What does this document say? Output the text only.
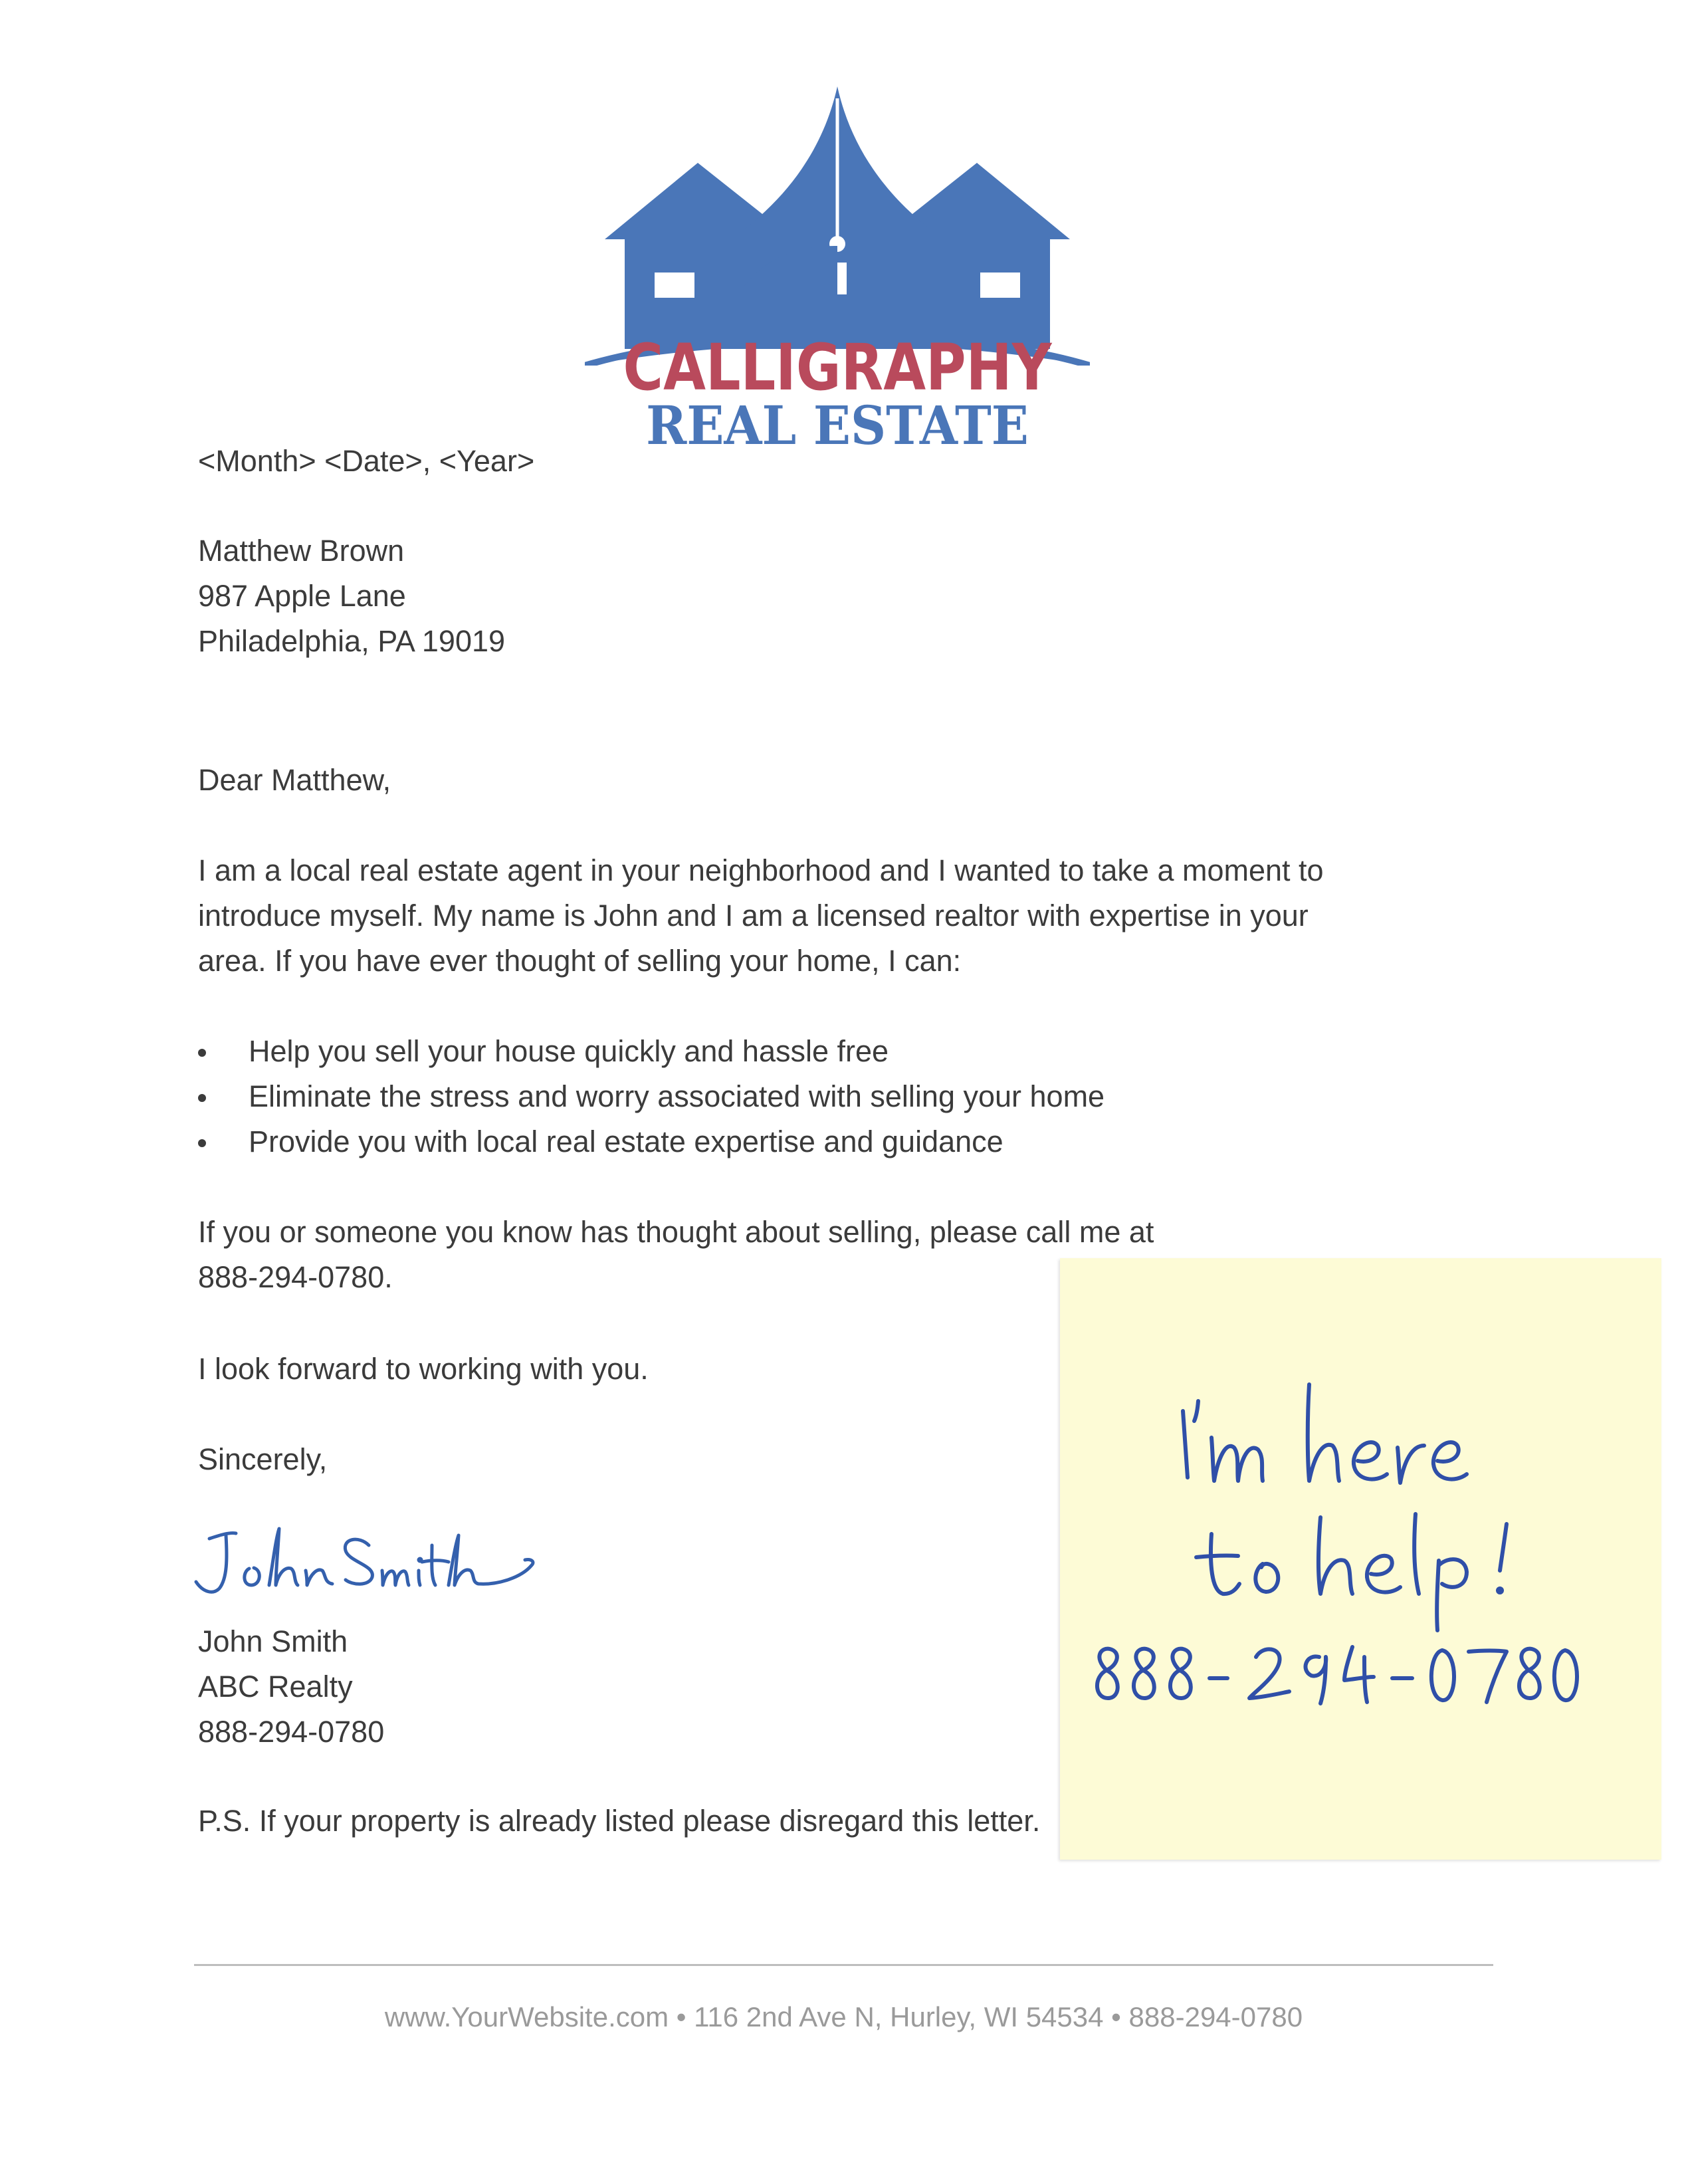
CALLIGRAPHY
REAL ESTATE
<Month> <Date>, <Year>
Matthew Brown
987 Apple Lane
Philadelphia, PA 19019
Dear Matthew,
I am a local real estate agent in your neighborhood and I wanted to take a moment to
introduce myself. My name is John and I am a licensed realtor with expertise in your
area. If you have ever thought of selling your home, I can:
Help you sell your house quickly and hassle free
Eliminate the stress and worry associated with selling your home
Provide you with local real estate expertise and guidance
If you or someone you know has thought about selling, please call me at
888-294-0780.
I look forward to working with you.
Sincerely,
John Smith
ABC Realty
888-294-0780
P.S. If your property is already listed please disregard this letter.
www.YourWebsite.com • 116 2nd Ave N, Hurley, WI 54534 • 888-294-0780
